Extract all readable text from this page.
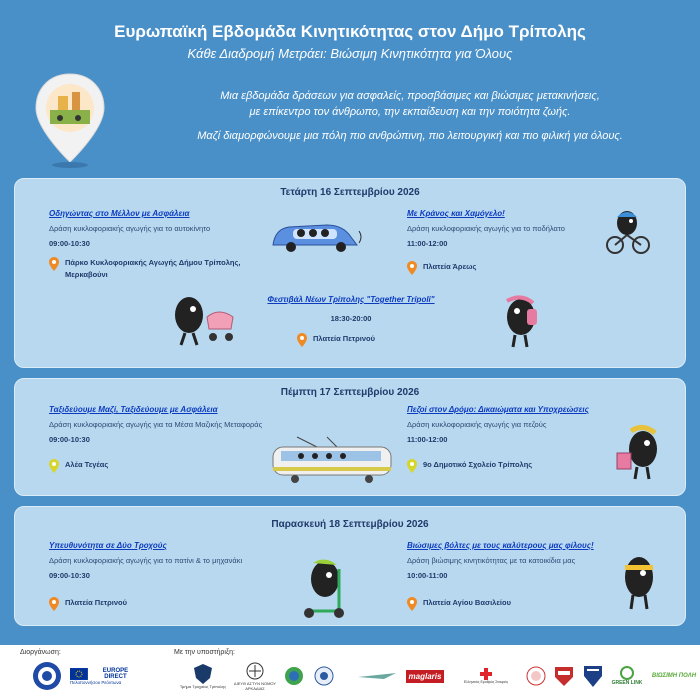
Ευρωπαϊκή Εβδομάδα Κινητικότητας στον Δήμο Τρίπολης
Κάθε Διαδρομή Μετράει: Βιώσιμη Κινητικότητα για Όλους

Μια εβδομάδα δράσεων για ασφαλείς, προσβάσιμες και βιώσιμες μετακινήσεις,
με επίκεντρο τον άνθρωπο, την εκπαίδευση και την ποιότητα ζωής.

Μαζί διαμορφώνουμε μια πόλη πιο ανθρώπινη, πιο λειτουργική και πιο φιλική για όλους.

Τετάρτη 16 Σεπτεμβρίου 2026
Οδηγώντας στο Μέλλον με Ασφάλεια
Δράση κυκλοφοριακής αγωγής για το αυτοκίνητο
09:00-10:30
Πάρκο Κυκλοφοριακής Αγωγής Δήμου Τρίπολης,
Μερκαβούνι
Με Κράνος και Χαμόγελο!
Δράση κυκλοφοριακής αγωγής για το ποδήλατο
11:00-12:00
Πλατεία Άρεως
Φεστιβάλ Νέων Τρίπολης "Together Tripoli"
18:30-20:00
Πλατεία Πετρινού
Πέμπτη 17 Σεπτεμβρίου 2026
Ταξιδεύουμε Μαζί, Ταξιδεύουμε με Ασφάλεια
Δράση κυκλοφοριακής αγωγής για τα Μέσα Μαζικής Μεταφοράς
09:00-10:30
Αλέα Τεγέας
Πεζοί στον Δρόμο: Δικαιώματα και Υποχρεώσεις
Δράση κυκλοφοριακής αγωγής για πεζούς
11:00-12:00
9ο Δημοτικό Σχολείο Τρίπολης
Παρασκευή 18 Σεπτεμβρίου 2026
Υπευθυνότητα σε Δύο Τροχούς
Δράση κυκλοφοριακής αγωγής για το πατίνι & το μηχανάκι
09:00-10:30
Πλατεία Πετρινού
Βιώσιμες βόλτες με τους καλύτερους μας φίλους!
Δράση βιώσιμης κινητικότητας με τα κατοικίδια μας
10:00-11:00
Πλατεία Αγίου Βασιλείου
Διοργάνωση:	Με την υποστήριξη:
EUROPE DIRECT
Πελοποννήσου Ρεόντωνα
Τμήμα Τροχαίας Τρίπολης	ΔΙΕΥΘ ΑΣΤΥΝ ΝΟΜΟΥ ΑΡΚΑΔΙΑΣ
maglaris
Ελληνικός Ερυθρός Σταυρός	GREEN LINK
ΒΙΩΣΙΜΗ ΠΟΛΗ
